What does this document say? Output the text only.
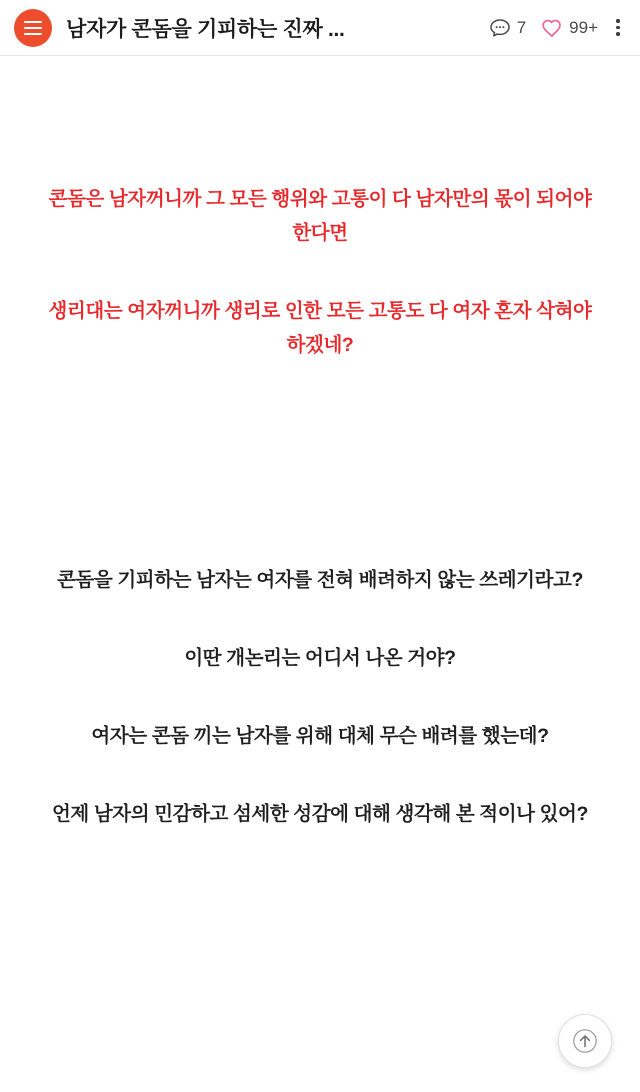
남자가 콘돔을 기피하는 진짜 ...	7	99+
콘돔은 남자꺼니까 그 모든 행위와 고통이 다 남자만의 몫이 되어야 한다면
생리대는 여자꺼니까 생리로 인한 모든 고통도 다 여자 혼자 삭혀야 하겠네?
콘돔을 기피하는 남자는 여자를 전혀 배려하지 않는 쓰레기라고?
이딴 개논리는 어디서 나온 거야?
여자는 콘돔 끼는 남자를 위해 대체 무슨 배려를 했는데?
언제 남자의 민감하고 섬세한 성감에 대해 생각해 본 적이나 있어?
